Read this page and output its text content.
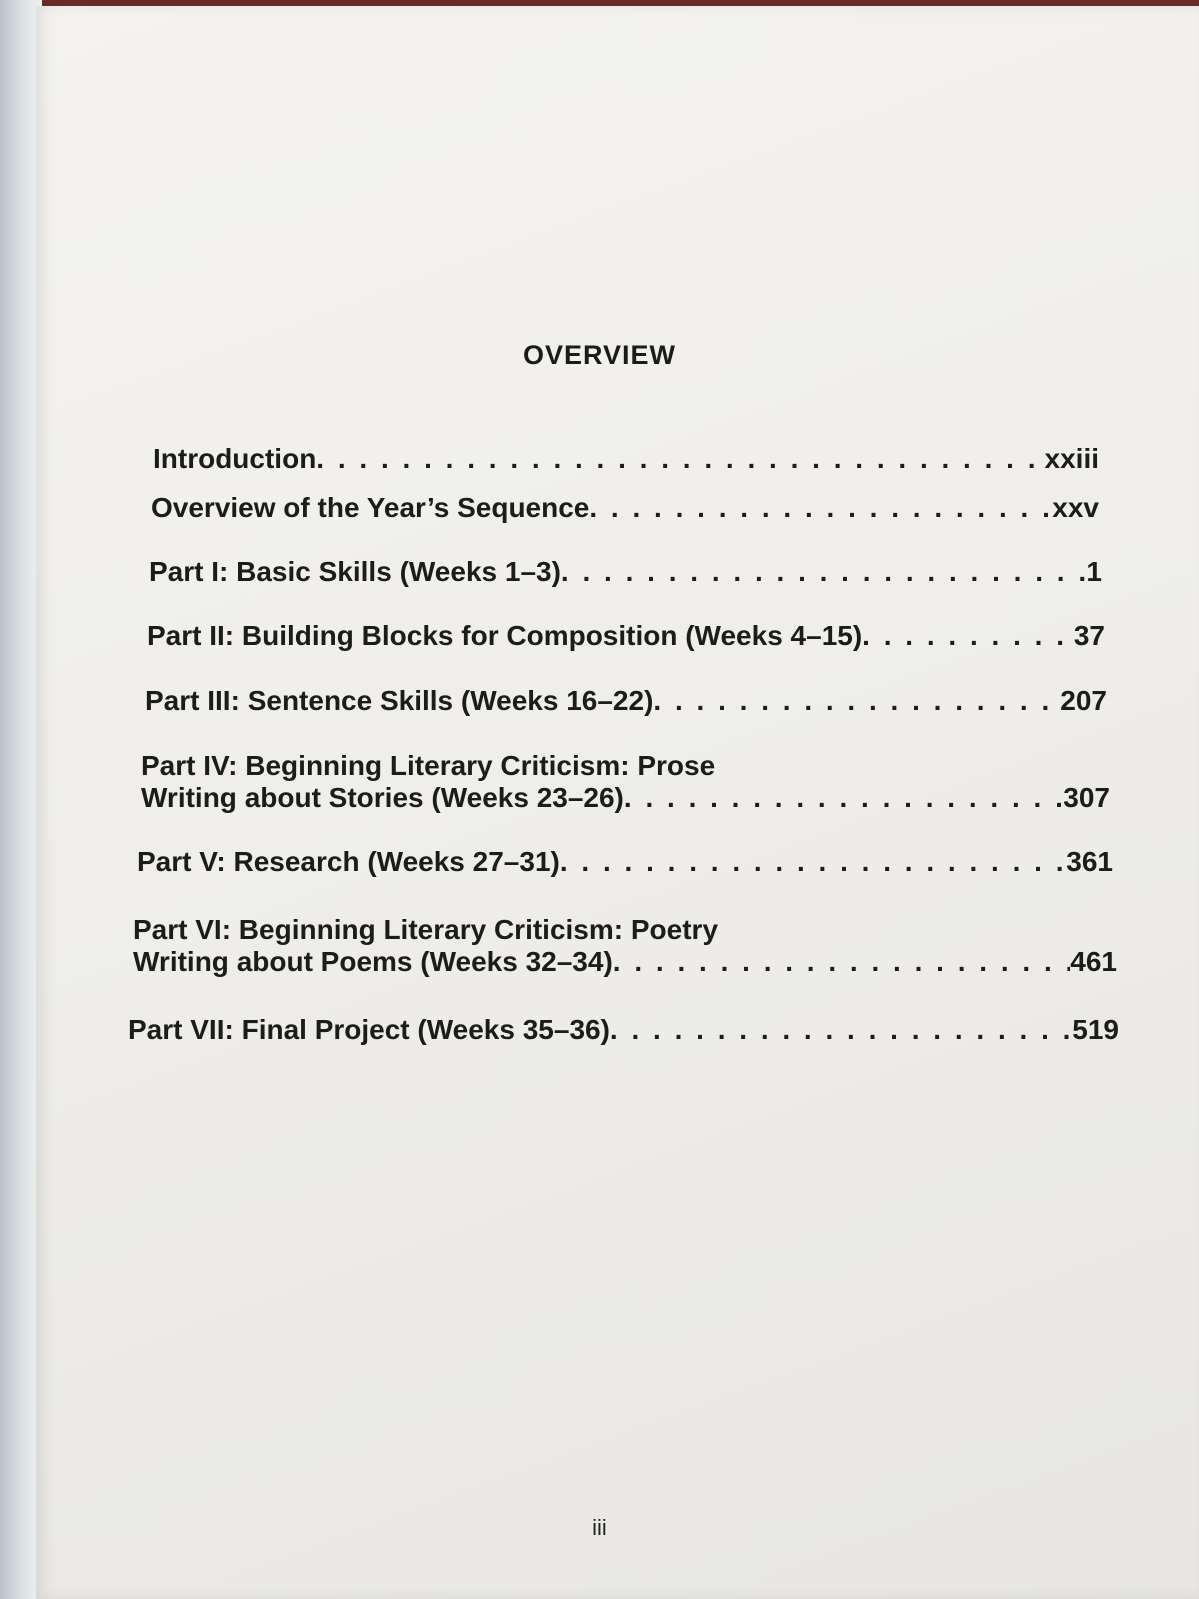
OVERVIEW
Introduction . . .	xxiii
Overview of the Year’s Sequence . . .	xxv
Part I: Basic Skills (Weeks 1–3) . . .	1
Part II: Building Blocks for Composition (Weeks 4–15) . . .	37
Part III: Sentence Skills (Weeks 16–22) . . .	207
Part IV: Beginning Literary Criticism: Prose
Writing about Stories (Weeks 23–26) . . .	307
Part V: Research (Weeks 27–31) . . .	361
Part VI: Beginning Literary Criticism: Poetry
Writing about Poems (Weeks 32–34) . . .	461
Part VII: Final Project (Weeks 35–36) . . .	519
iii
